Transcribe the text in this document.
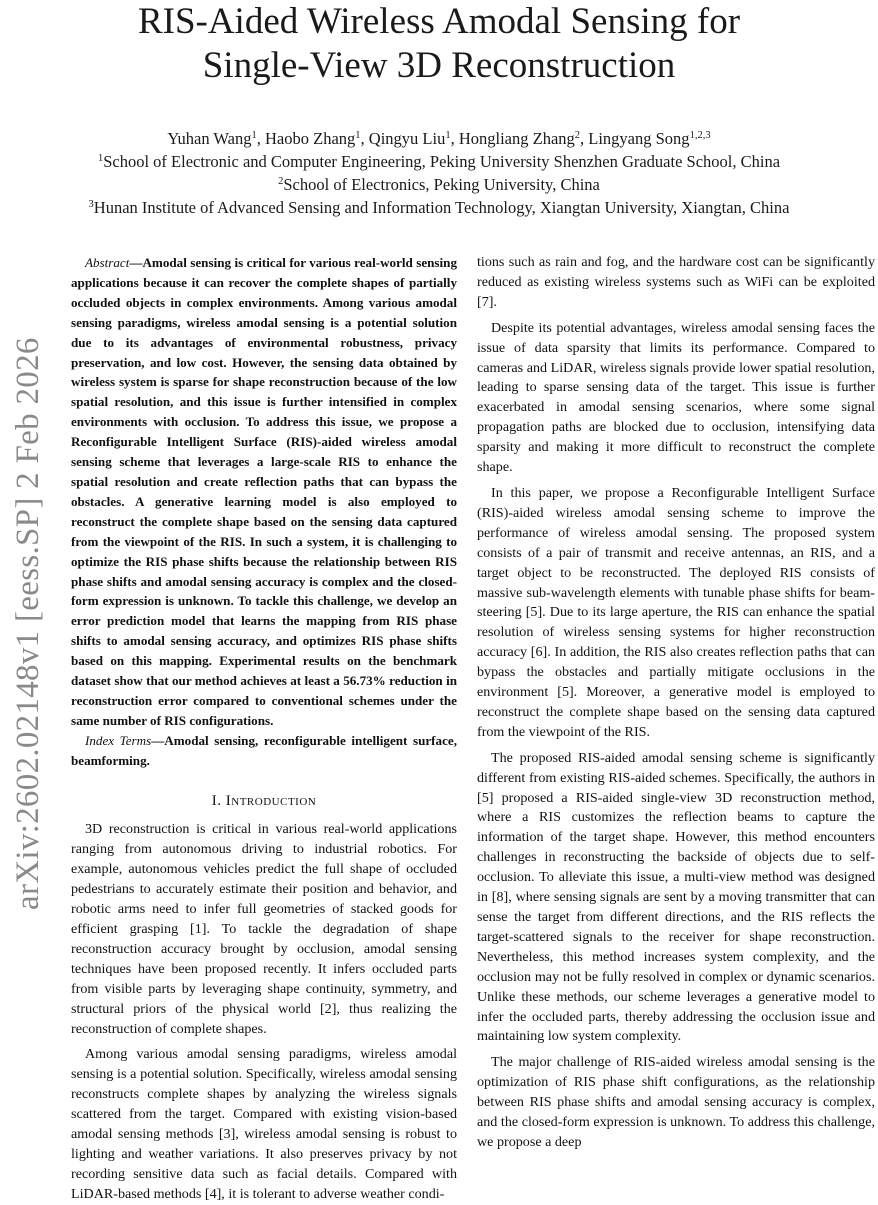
RIS-Aided Wireless Amodal Sensing for
Single-View 3D Reconstruction
Yuhan Wang$^1$, Haobo Zhang$^1$, Qingyu Liu$^1$, Hongliang Zhang$^2$, Lingyang Song$^{1,2,3}$
$^1$School of Electronic and Computer Engineering, Peking University Shenzhen Graduate School, China
$^2$School of Electronics, Peking University, China
$^3$Hunan Institute of Advanced Sensing and Information Technology, Xiangtan University, Xiangtan, China
arXiv:2602.02148v1 [eess.SP] 2 Feb 2026

Abstract—Amodal sensing is critical for various real-world sensing applications because it can recover the complete shapes of partially occluded objects in complex environments. Among various amodal sensing paradigms, wireless amodal sensing is a potential solution due to its advantages of environmental robustness, privacy preservation, and low cost. However, the sensing data obtained by wireless system is sparse for shape reconstruction because of the low spatial resolution, and this issue is further intensified in complex environments with occlusion. To address this issue, we propose a Reconfigurable Intelligent Surface (RIS)-aided wireless amodal sensing scheme that leverages a large-scale RIS to enhance the spatial resolution and create reflection paths that can bypass the obstacles. A generative learning model is also employed to reconstruct the complete shape based on the sensing data captured from the viewpoint of the RIS. In such a system, it is challenging to optimize the RIS phase shifts because the relationship between RIS phase shifts and amodal sensing accuracy is complex and the closed-form expression is unknown. To tackle this challenge, we develop an error prediction model that learns the mapping from RIS phase shifts to amodal sensing accuracy, and optimizes RIS phase shifts based on this mapping. Experimental results on the benchmark dataset show that our method achieves at least a 56.73% reduction in reconstruction error compared to conventional schemes under the same number of RIS configurations.

Index Terms—Amodal sensing, reconfigurable intelligent surface, beamforming.

I. Introduction

3D reconstruction is critical in various real-world applications ranging from autonomous driving to industrial robotics. For example, autonomous vehicles predict the full shape of occluded pedestrians to accurately estimate their position and behavior, and robotic arms need to infer full geometries of stacked goods for efficient grasping [1]. To tackle the degradation of shape reconstruction accuracy brought by occlusion, amodal sensing techniques have been proposed recently. It infers occluded parts from visible parts by leveraging shape continuity, symmetry, and structural priors of the physical world [2], thus realizing the reconstruction of complete shapes.

Among various amodal sensing paradigms, wireless amodal sensing is a potential solution. Specifically, wireless amodal sensing reconstructs complete shapes by analyzing the wireless signals scattered from the target. Compared with existing vision-based amodal sensing methods [3], wireless amodal sensing is robust to lighting and weather variations. It also preserves privacy by not recording sensitive data such as facial details. Compared with LiDAR-based methods [4], it is tolerant to adverse weather condi-

tions such as rain and fog, and the hardware cost can be significantly reduced as existing wireless systems such as WiFi can be exploited [7].

Despite its potential advantages, wireless amodal sensing faces the issue of data sparsity that limits its performance. Compared to cameras and LiDAR, wireless signals provide lower spatial resolution, leading to sparse sensing data of the target. This issue is further exacerbated in amodal sensing scenarios, where some signal propagation paths are blocked due to occlusion, intensifying data sparsity and making it more difficult to reconstruct the complete shape.

In this paper, we propose a Reconfigurable Intelligent Surface (RIS)-aided wireless amodal sensing scheme to improve the performance of wireless amodal sensing. The proposed system consists of a pair of transmit and receive antennas, an RIS, and a target object to be reconstructed. The deployed RIS consists of massive sub-wavelength elements with tunable phase shifts for beam-steering [5]. Due to its large aperture, the RIS can enhance the spatial resolution of wireless sensing systems for higher reconstruction accuracy [6]. In addition, the RIS also creates reflection paths that can bypass the obstacles and partially mitigate occlusions in the environment [5]. Moreover, a generative model is employed to reconstruct the complete shape based on the sensing data captured from the viewpoint of the RIS.

The proposed RIS-aided amodal sensing scheme is significantly different from existing RIS-aided schemes. Specifically, the authors in [5] proposed a RIS-aided single-view 3D reconstruction method, where a RIS customizes the reflection beams to capture the information of the target shape. However, this method encounters challenges in reconstructing the backside of objects due to self-occlusion. To alleviate this issue, a multi-view method was designed in [8], where sensing signals are sent by a moving transmitter that can sense the target from different directions, and the RIS reflects the target-scattered signals to the receiver for shape reconstruction. Nevertheless, this method increases system complexity, and the occlusion may not be fully resolved in complex or dynamic scenarios. Unlike these methods, our scheme leverages a generative model to infer the occluded parts, thereby addressing the occlusion issue and maintaining low system complexity.

The major challenge of RIS-aided wireless amodal sensing is the optimization of RIS phase shift configurations, as the relationship between RIS phase shifts and amodal sensing accuracy is complex, and the closed-form expression is unknown. To address this challenge, we propose a deep
